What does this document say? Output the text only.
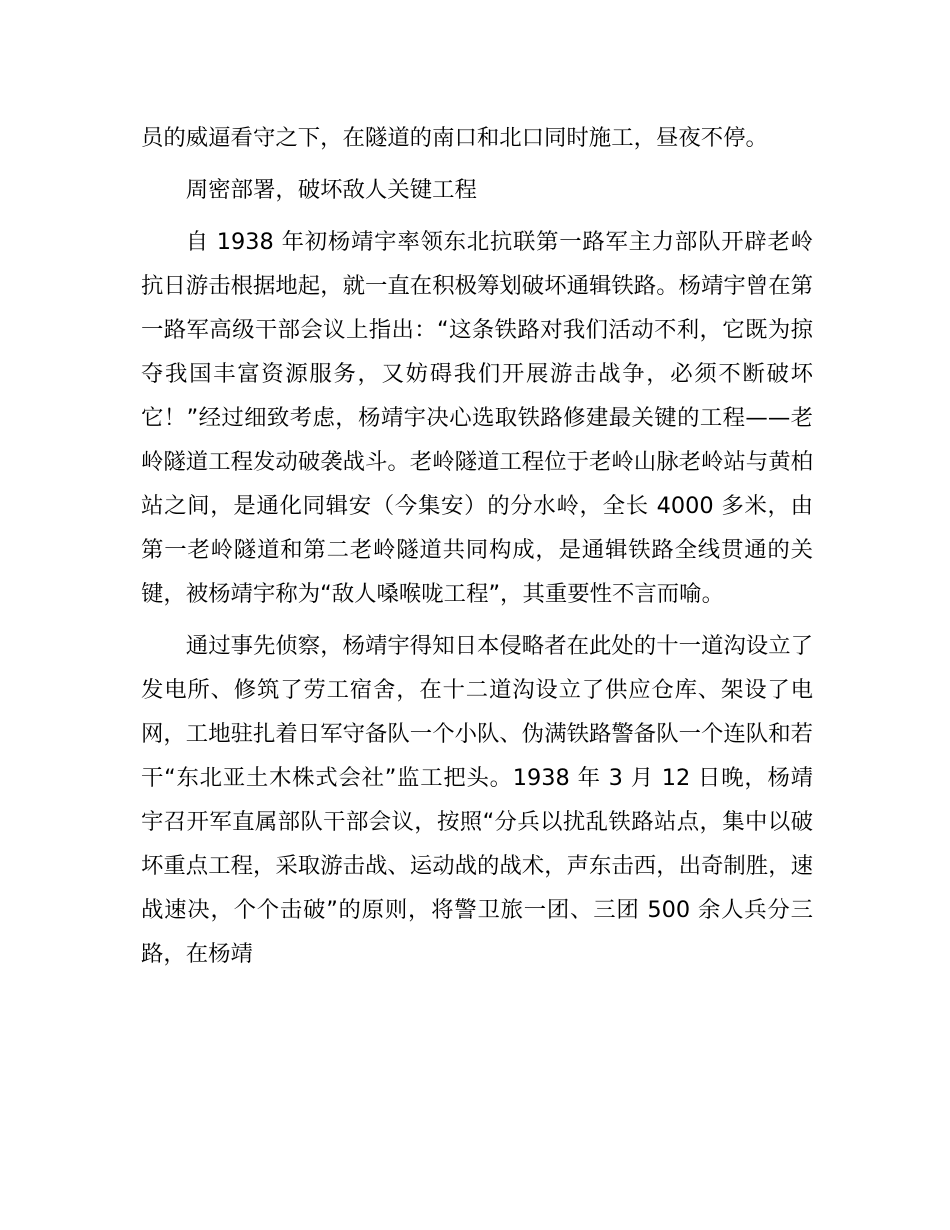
员的威逼看守之下，在隧道的南口和北口同时施工，昼夜不停。

周密部署，破坏敌人关键工程

自 1938 年初杨靖宇率领东北抗联第一路军主力部队开辟老岭抗日游击根据地起，就一直在积极筹划破坏通辑铁路。杨靖宇曾在第一路军高级干部会议上指出：“这条铁路对我们活动不利，它既为掠夺我国丰富资源服务，又妨碍我们开展游击战争，必须不断破坏它！”经过细致考虑，杨靖宇决心选取铁路修建最关键的工程——老岭隧道工程发动破袭战斗。老岭隧道工程位于老岭山脉老岭站与黄柏站之间，是通化同辑安（今集安）的分水岭，全长 4000 多米，由第一老岭隧道和第二老岭隧道共同构成，是通辑铁路全线贯通的关键，被杨靖宇称为“敌人嗓喉咙工程”，其重要性不言而喻。

通过事先侦察，杨靖宇得知日本侵略者在此处的十一道沟设立了发电所、修筑了劳工宿舍，在十二道沟设立了供应仓库、架设了电网，工地驻扎着日军守备队一个小队、伪满铁路警备队一个连队和若干“东北亚土木株式会社”监工把头。1938 年 3 月 12 日晚，杨靖宇召开军直属部队干部会议，按照“分兵以扰乱铁路站点，集中以破坏重点工程，采取游击战、运动战的战术，声东击西，出奇制胜，速战速决，个个击破”的原则，将警卫旅一团、三团 500 余人兵分三路，在杨靖
